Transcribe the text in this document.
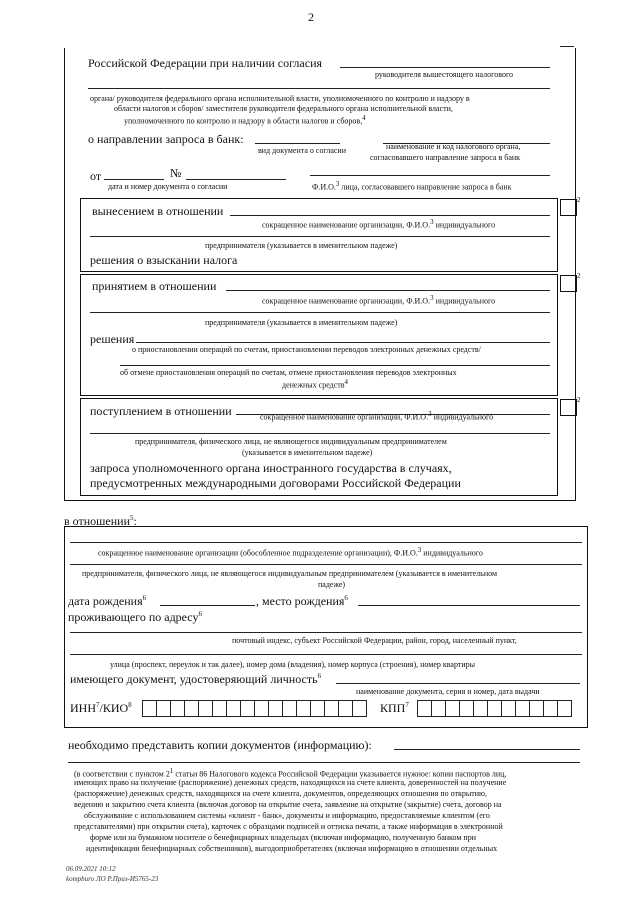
2
Российской Федерации при наличии согласия
руководителя вышестоящего налогового
органа/ руководителя федерального органа исполнительной власти, уполномоченного по контролю и надзору в
области налогов и сборов/ заместителя руководителя федерального органа исполнительной власти,
уполномоченного по контролю и надзору в области налогов и сборов,4
о направлении запроса в банк:
вид документа о согласии	наименование и код налогового органа,
согласовавшего направление запроса в банк
от	№
дата и номер документа о согласии	Ф.И.О.3 лица, согласовавшего направление запроса в банк
вынесением в отношении
сокращенное наименование организации, Ф.И.О.3 индивидуального
предпринимателя (указывается в именительном падеже)
решения о взыскании налога
2
принятием в отношении
сокращенное наименование организации, Ф.И.О.3 индивидуального
предпринимателя (указывается в именительном падеже)
решения
о приостановлении операций по счетам, приостановлении переводов электронных денежных средств/
об отмене приостановления операций по счетам, отмене приостановления переводов электронных
денежных средств4
2
поступлением в отношении	сокращенное наименование организации, Ф.И.О.3 индивидуального
предпринимателя, физического лица, не являющегося индивидуальным предпринимателем
(указывается в именительном падеже)
запроса уполномоченного органа иностранного государства в случаях,
предусмотренных международными договорами Российской Федерации
2
в отношении$^5$:
сокращенное наименование организации (обособленное подразделение организации), Ф.И.О.3 индивидуального
предпринимателя, физического лица, не являющегося индивидуальным предпринимателем (указывается в именительном
падеже)
дата рождения$^6$	, место рождения$^6$
проживающего по адресу$^6$
почтовый индекс, субъект Российской Федерации, район, город, населенный пункт,
улица (проспект, переулок и так далее), номер дома (владения), номер корпуса (строения), номер квартиры
имеющего документ, удостоверяющий личность$^6$
наименование документа, серия и номер, дата выдачи
ИНН$^7$/КИО$^8$	КПП$^7$
необходимо представить копии документов (информацию):
(в соответствии с пунктом 21 статьи 86 Налогового кодекса Российской Федерации указывается нужное: копии паспортов лиц,
имеющих право на получение (распоряжение) денежных средств, находящихся на счете клиента, доверенностей на получение
(распоряжение) денежных средств, находящихся на счете клиента, документов, определяющих отношения по открытию,
ведению и закрытию счета клиента (включая договор на открытие счета, заявление на открытие (закрытие) счета, договор на
обслуживание с использованием системы «клиент - банк», документы и информацию, предоставляемые клиентом (его
представителями) при открытии счета), карточек с образцами подписей и оттиска печати, а также информация в электронной
форме или на бумажном носителе о бенефициарных владельцах (включая информацию, полученную банком при
идентификации бенефициарных собственников), выгодоприобретателях (включая информацию в отношении отдельных
06.09.2021 10:12
kompburo ЛО Р.Приз-И5765-23
